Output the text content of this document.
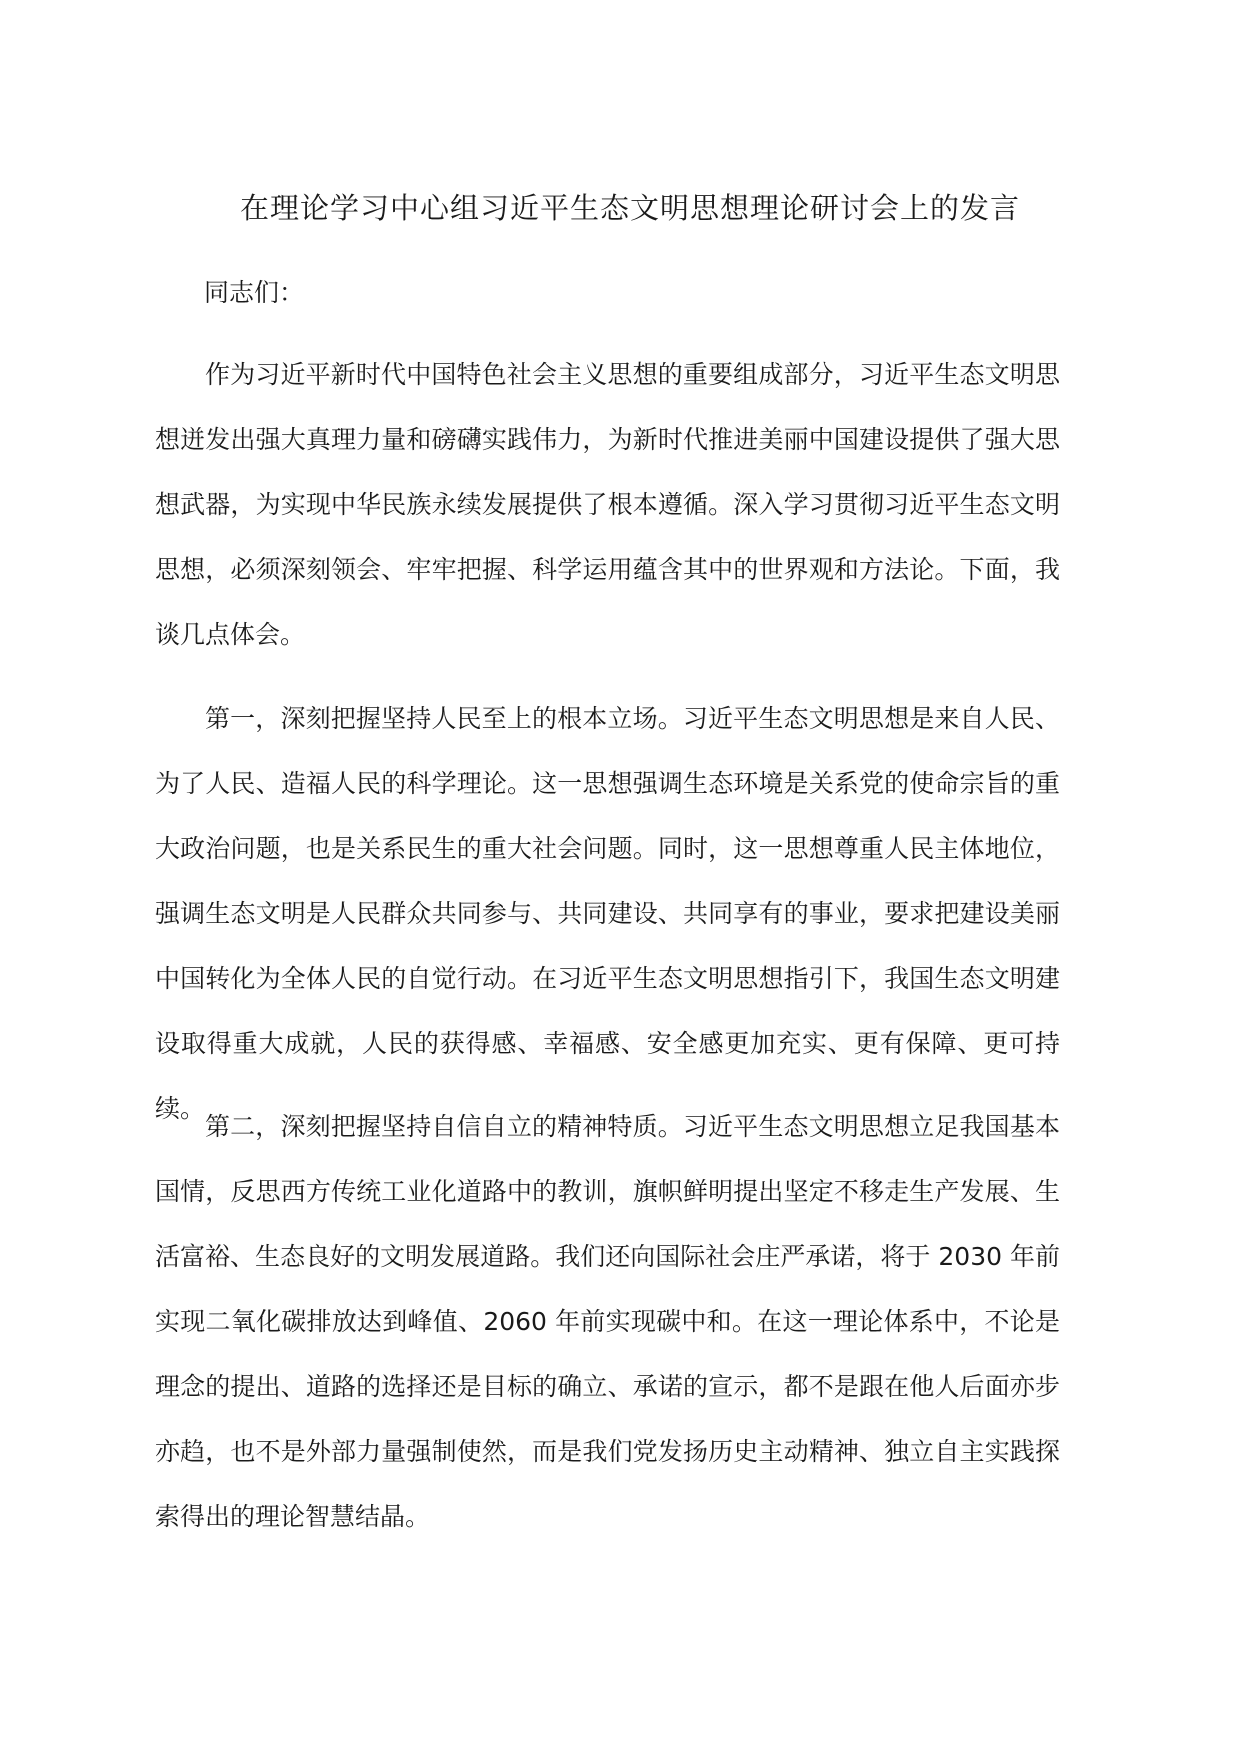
在理论学习中心组习近平生态文明思想理论研讨会上的发言

同志们：

作为习近平新时代中国特色社会主义思想的重要组成部分，习近平生态文明思想迸发出强大真理力量和磅礴实践伟力，为新时代推进美丽中国建设提供了强大思想武器，为实现中华民族永续发展提供了根本遵循。深入学习贯彻习近平生态文明思想，必须深刻领会、牢牢把握、科学运用蕴含其中的世界观和方法论。下面，我谈几点体会。

第一，深刻把握坚持人民至上的根本立场。习近平生态文明思想是来自人民、为了人民、造福人民的科学理论。这一思想强调生态环境是关系党的使命宗旨的重大政治问题，也是关系民生的重大社会问题。同时，这一思想尊重人民主体地位，强调生态文明是人民群众共同参与、共同建设、共同享有的事业，要求把建设美丽中国转化为全体人民的自觉行动。在习近平生态文明思想指引下，我国生态文明建设取得重大成就，人民的获得感、幸福感、安全感更加充实、更有保障、更可持续。

第二，深刻把握坚持自信自立的精神特质。习近平生态文明思想立足我国基本国情，反思西方传统工业化道路中的教训，旗帜鲜明提出坚定不移走生产发展、生活富裕、生态良好的文明发展道路。我们还向国际社会庄严承诺，将于 2030 年前实现二氧化碳排放达到峰值、2060 年前实现碳中和。在这一理论体系中，不论是理念的提出、道路的选择还是目标的确立、承诺的宣示，都不是跟在他人后面亦步亦趋，也不是外部力量强制使然，而是我们党发扬历史主动精神、独立自主实践探索得出的理论智慧结晶。
